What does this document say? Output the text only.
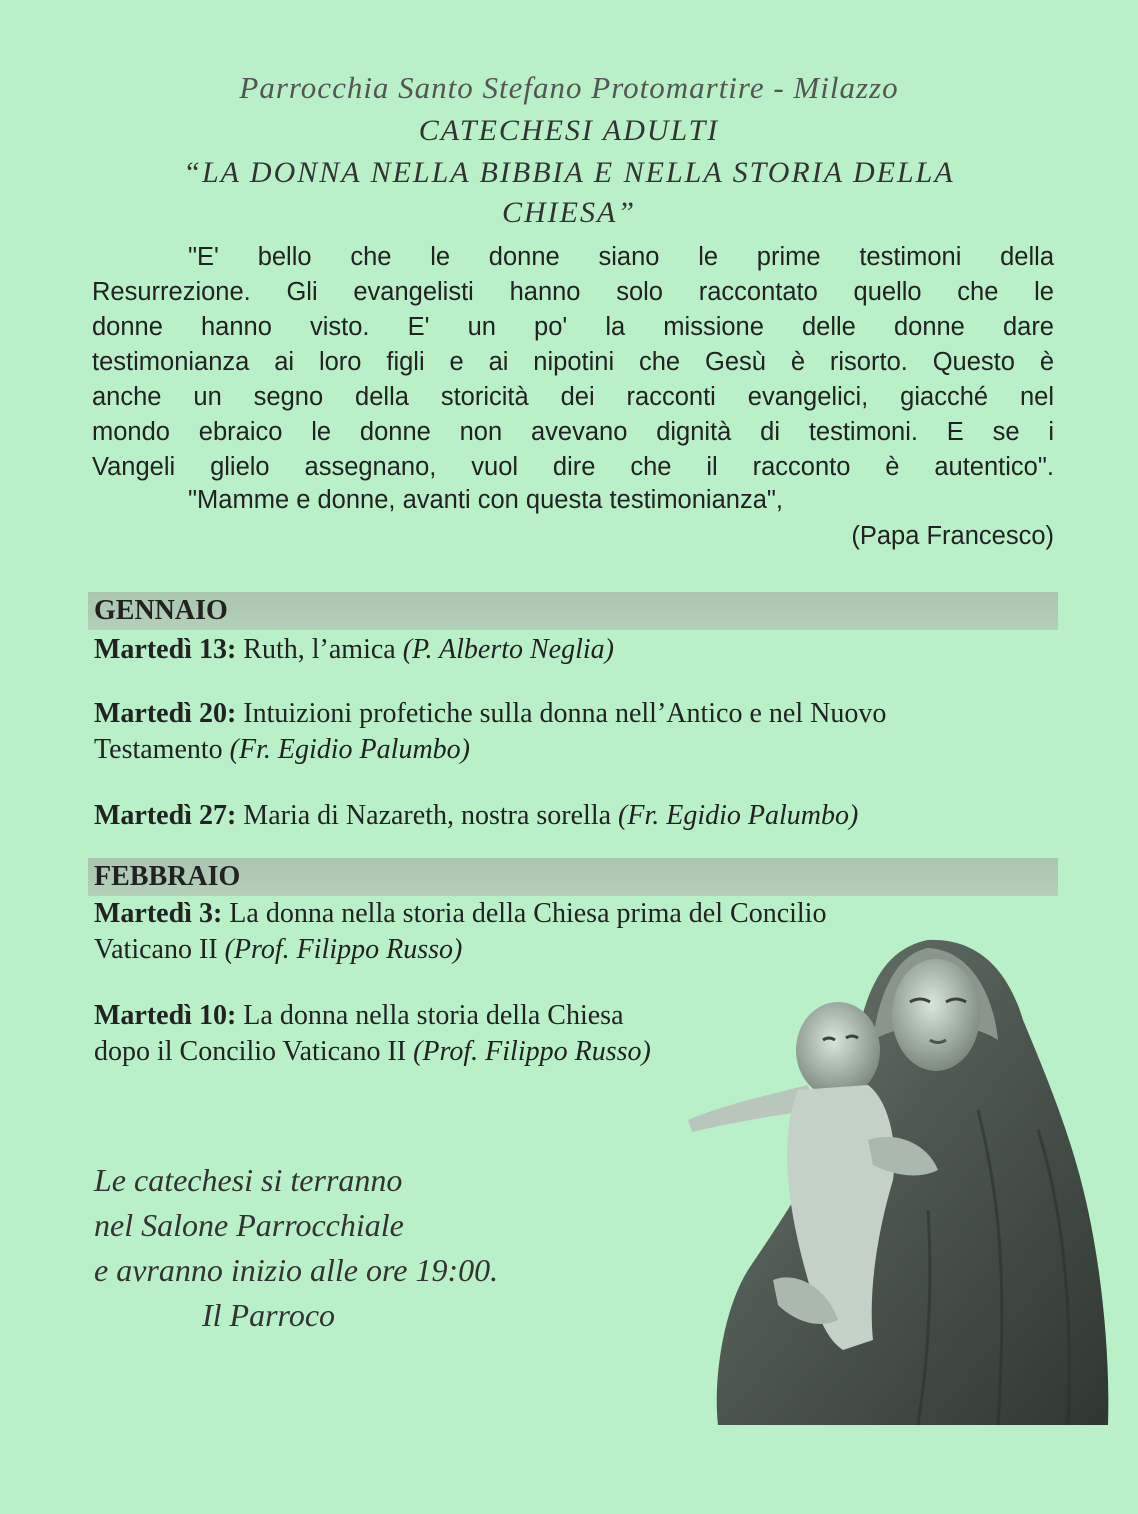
Parrocchia Santo Stefano Protomartire - Milazzo
CATECHESI ADULTI
“LA DONNA NELLA BIBBIA E NELLA STORIA DELLA
CHIESA”
"E' bello che le donne siano le prime testimoni della
Resurrezione. Gli evangelisti hanno solo raccontato quello che le
donne hanno visto. E' un po' la missione delle donne dare
testimonianza ai loro figli e ai nipotini che Gesù è risorto. Questo è
anche un segno della storicità dei racconti evangelici, giacché nel
mondo ebraico le donne non avevano dignità di testimoni. E se i
Vangeli glielo assegnano, vuol dire che il racconto è autentico".
"Mamme e donne, avanti con questa testimonianza",
(Papa Francesco)
GENNAIO
Martedì 13: Ruth, l’amica (P. Alberto Neglia)
Martedì 20: Intuizioni profetiche sulla donna nell’Antico e nel Nuovo
Testamento (Fr. Egidio Palumbo)
Martedì 27: Maria di Nazareth, nostra sorella (Fr. Egidio Palumbo)
FEBBRAIO
Martedì 3: La donna nella storia della Chiesa prima del Concilio
Vaticano II (Prof. Filippo Russo)
Martedì 10: La donna nella storia della Chiesa
dopo il Concilio Vaticano II (Prof. Filippo Russo)
Le catechesi si terranno
nel Salone Parrocchiale
e avranno inizio alle ore 19:00.
Il Parroco
